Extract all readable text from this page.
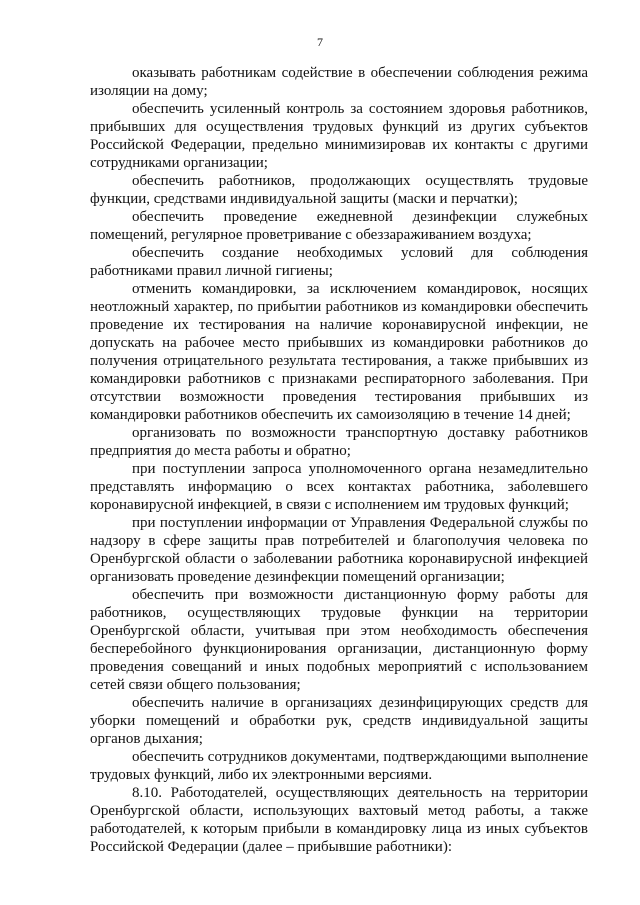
7

оказывать работникам содействие в обеспечении соблюдения режима изоляции на дому;

обеспечить усиленный контроль за состоянием здоровья работников, прибывших для осуществления трудовых функций из других субъектов Российской Федерации, предельно минимизировав их контакты с другими сотрудниками организации;

обеспечить работников, продолжающих осуществлять трудовые функции, средствами индивидуальной защиты (маски и перчатки);

обеспечить проведение ежедневной дезинфекции служебных помещений, регулярное проветривание с обеззараживанием воздуха;

обеспечить создание необходимых условий для соблюдения работниками правил личной гигиены;

отменить командировки, за исключением командировок, носящих неотложный характер, по прибытии работников из командировки обеспечить проведение их тестирования на наличие коронавирусной инфекции, не допускать на рабочее место прибывших из командировки работников до получения отрицательного результата тестирования, а также прибывших из командировки работников с признаками респираторного заболевания. При отсутствии возможности проведения тестирования прибывших из командировки работников обеспечить их самоизоляцию в течение 14 дней;

организовать по возможности транспортную доставку работников предприятия до места работы и обратно;

при поступлении запроса уполномоченного органа незамедлительно представлять информацию о всех контактах работника, заболевшего коронавирусной инфекцией, в связи с исполнением им трудовых функций;

при поступлении информации от Управления Федеральной службы по надзору в сфере защиты прав потребителей и благополучия человека по Оренбургской области о заболевании работника коронавирусной инфекцией организовать проведение дезинфекции помещений организации;

обеспечить при возможности дистанционную форму работы для работников, осуществляющих трудовые функции на территории Оренбургской области, учитывая при этом необходимость обеспечения бесперебойного функционирования организации, дистанционную форму проведения совещаний и иных подобных мероприятий с использованием сетей связи общего пользования;

обеспечить наличие в организациях дезинфицирующих средств для уборки помещений и обработки рук, средств индивидуальной защиты органов дыхания;

обеспечить сотрудников документами, подтверждающими выполнение трудовых функций, либо их электронными версиями.

8.10. Работодателей, осуществляющих деятельность на территории Оренбургской области, использующих вахтовый метод работы, а также работодателей, к которым прибыли в командировку лица из иных субъектов Российской Федерации (далее – прибывшие работники):
